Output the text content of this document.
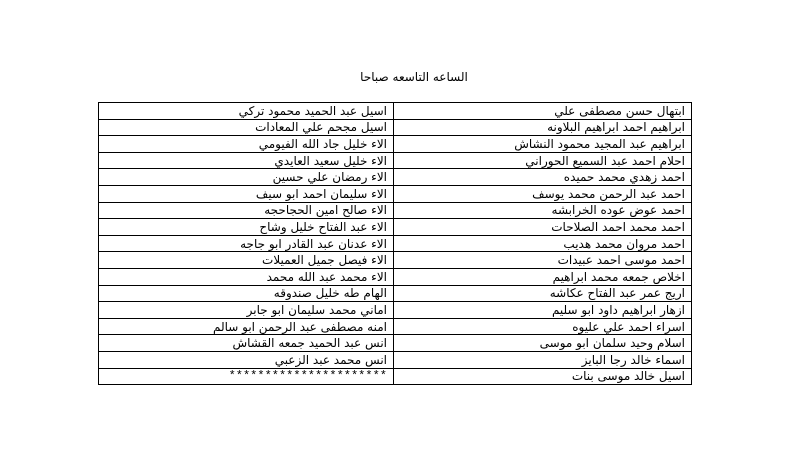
الساعه التاسعه صباحا
ابتهال حسن مصطفى علي	اسيل عبد الحميد محمود تركي
ابراهيم احمد ابراهيم البلاونه	اسيل مجحم علي المعادات
ابراهيم عبد المجيد محمود النشاش	الاء خليل جاد الله الفيومي
احلام احمد عبد السميع الحوراني	الاء خليل سعيد العايدي
احمد زهدي محمد حميده	الاء رمضان علي حسين
احمد عبد الرحمن محمد يوسف	الاء سليمان احمد ابو سيف
احمد عوض عوده الخرابشه	الاء صالح امين الحجاحجه
احمد محمد احمد الصلاحات	الاء عبد الفتاح خليل وشاح
احمد مروان محمد هديب	الاء عدنان عبد القادر ابو جاجه
احمد موسى احمد عبيدات	الاء فيصل جميل العميلات
اخلاص جمعه محمد ابراهيم	الاء محمد عبد الله محمد
اريج عمر عبد الفتاح عكاشه	الهام طه خليل صندوقه
ازهار ابراهيم داود ابو سليم	اماني محمد سليمان ابو جابر
اسراء احمد علي عليوه	امنه مصطفى عبد الرحمن ابو سالم
اسلام وحيد سلمان ابو موسى	انس عبد الحميد جمعه القشاش
اسماء خالد رجا البايز	انس محمد عبد الزعبي
اسيل خالد موسى بنات	**********************
